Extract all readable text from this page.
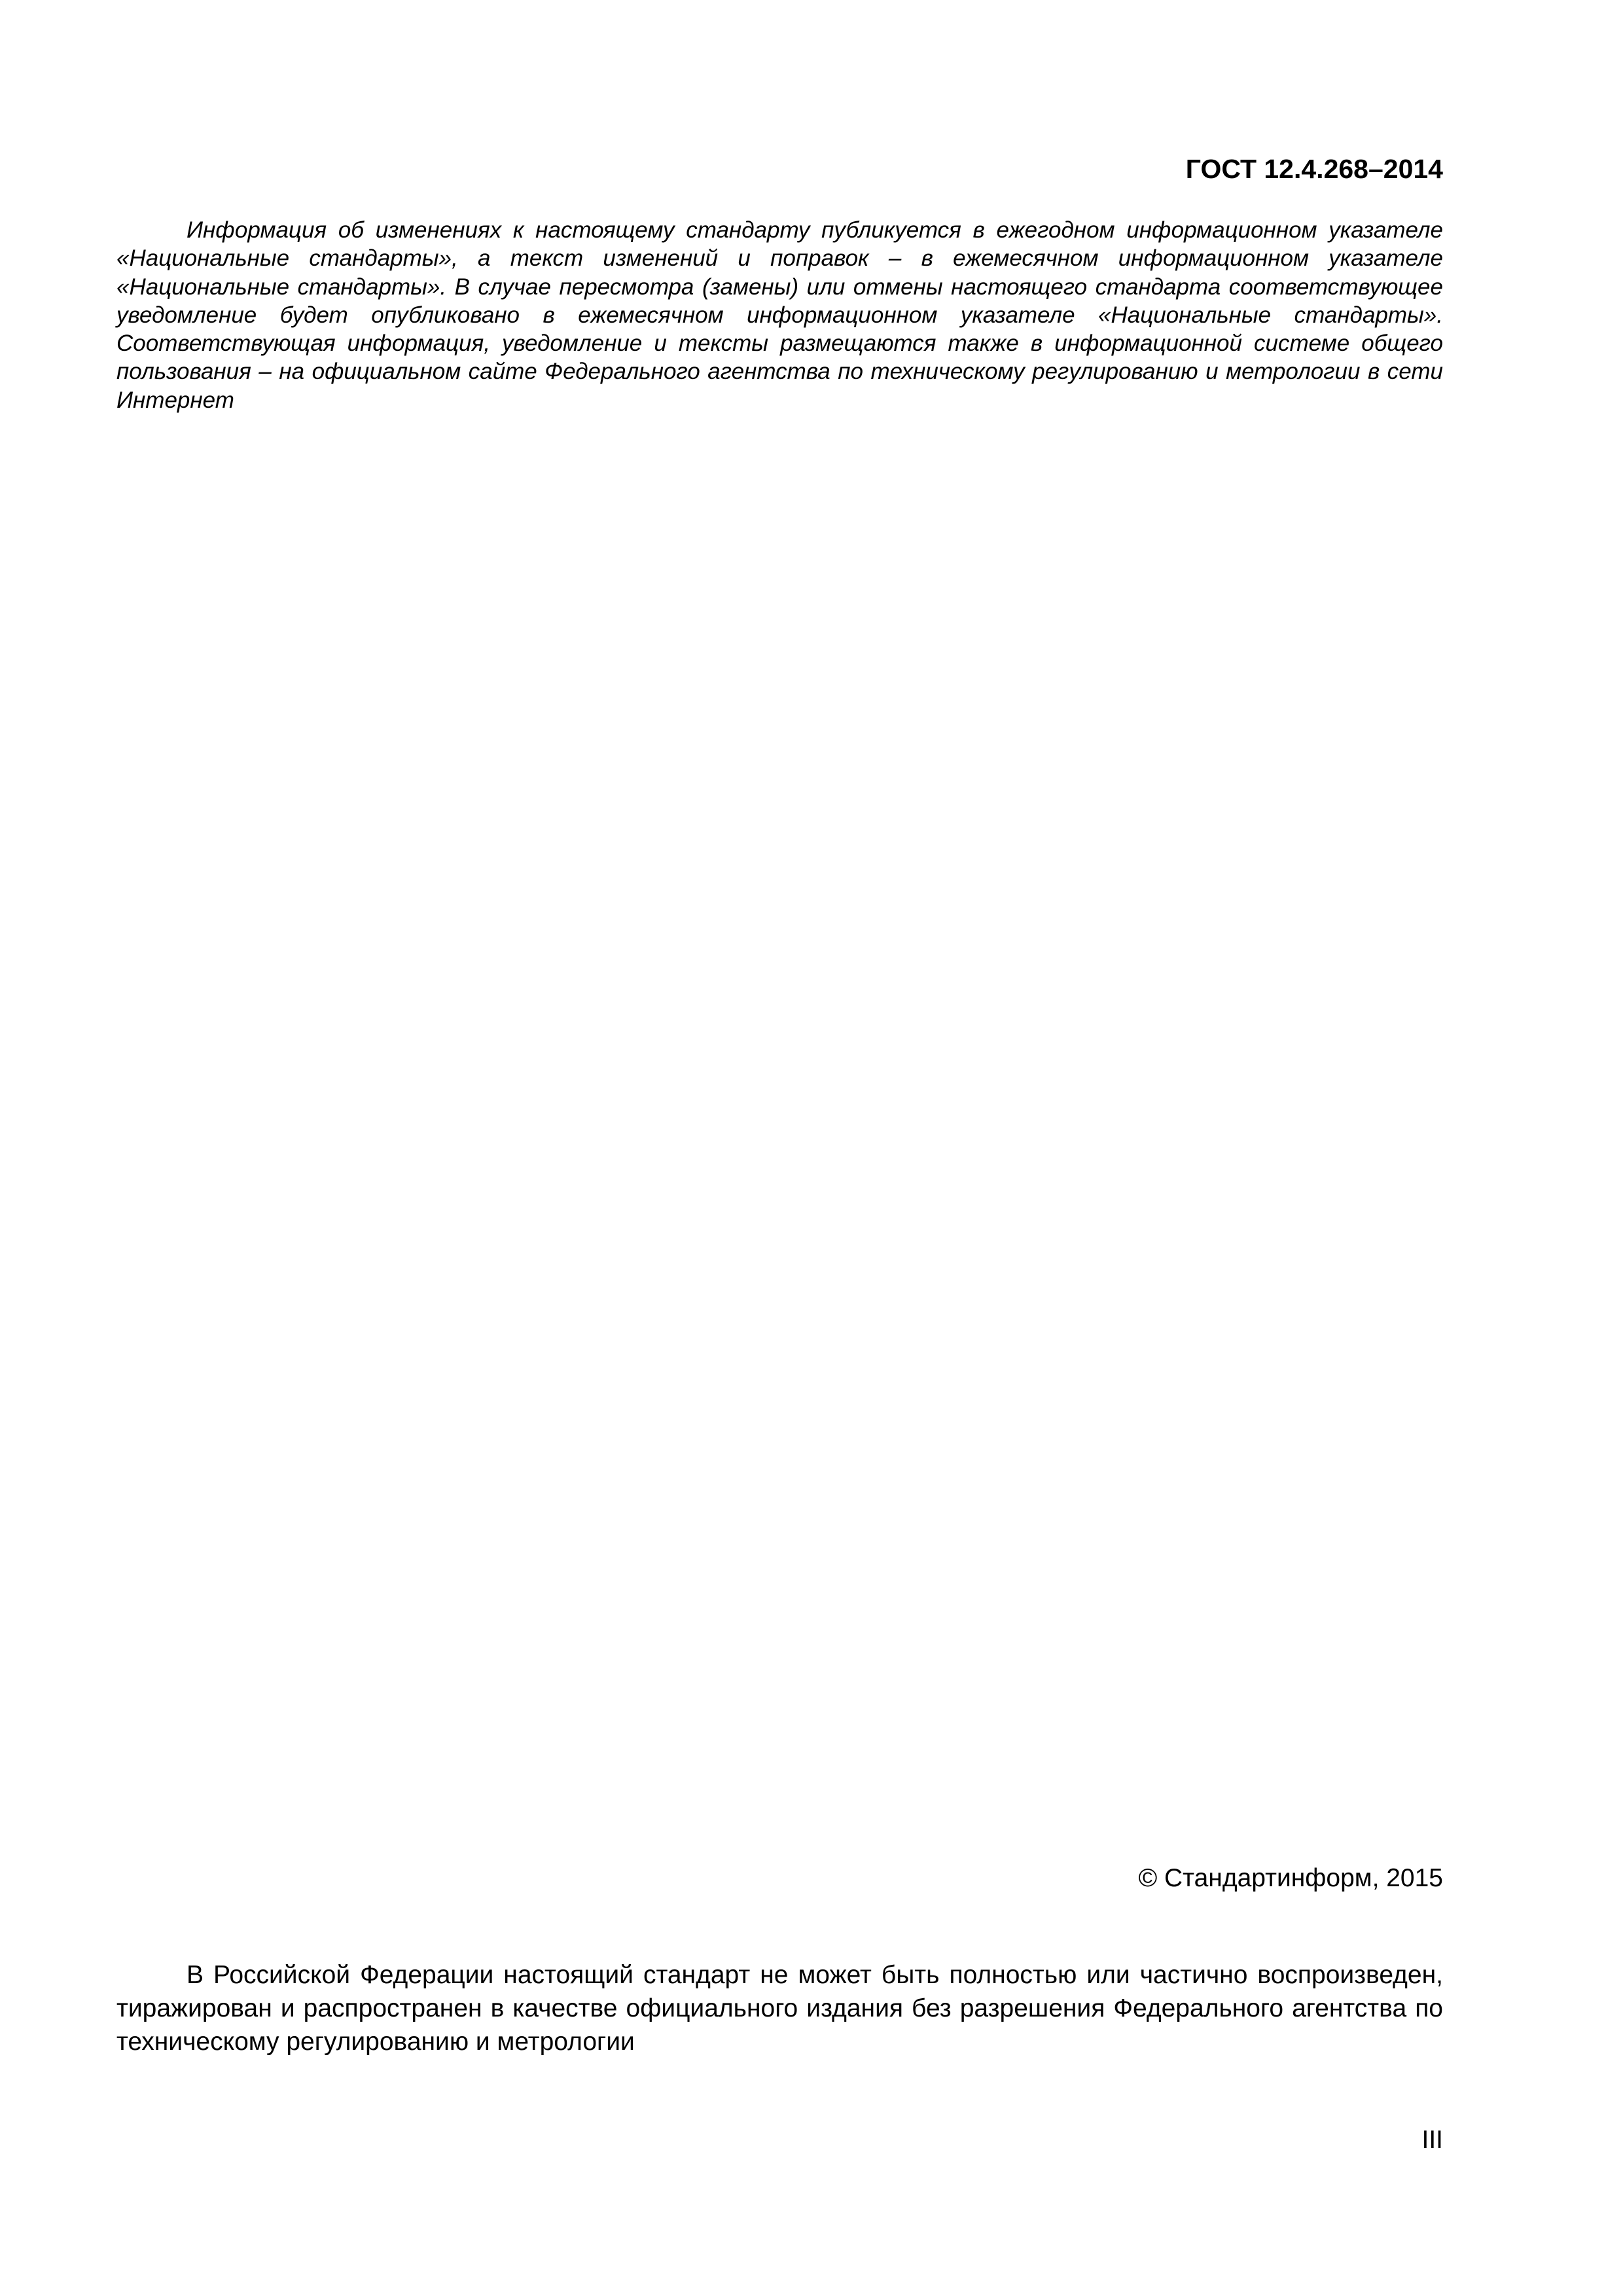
ГОСТ 12.4.268–2014

Информация об изменениях к настоящему стандарту публикуется в ежегодном информационном указателе «Национальные стандарты», а текст изменений и поправок – в ежемесячном информационном указателе «Национальные стандарты». В случае пересмотра (замены) или отмены настоящего стандарта соответствующее уведомление будет опубликовано в ежемесячном информационном указателе «Национальные стандарты». Соответствующая информация, уведомление и тексты размещаются также в информационной системе общего пользования – на официальном сайте Федерального агентства по техническому регулированию и метрологии в сети Интернет

© Стандартинформ, 2015

В Российской Федерации настоящий стандарт не может быть полностью или частично воспроизведен, тиражирован и распространен в качестве официального издания без разрешения Федерального агентства по техническому регулированию и метрологии

III
